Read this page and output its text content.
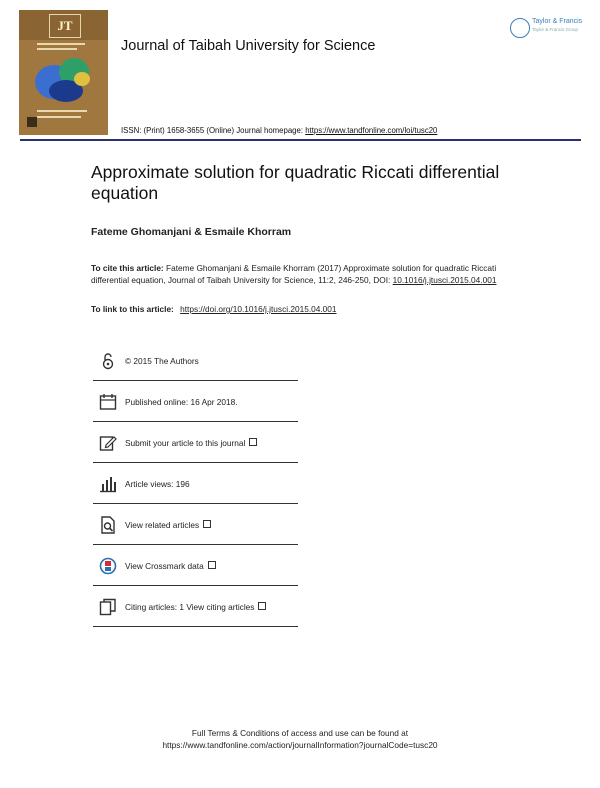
JT
Journal of Taibah University for Science
Taylor & Francis
Taylor & Francis Group
ISSN: (Print) 1658-3655 (Online) Journal homepage: https://www.tandfonline.com/loi/tusc20
Approximate solution for quadratic Riccati differential equation
Fateme Ghomanjani & Esmaile Khorram
To cite this article: Fateme Ghomanjani & Esmaile Khorram (2017) Approximate solution for quadratic Riccati differential equation, Journal of Taibah University for Science, 11:2, 246-250, DOI: 10.1016/j.jtusci.2015.04.001
To link to this article: https://doi.org/10.1016/j.jtusci.2015.04.001
© 2015 The Authors
Published online: 16 Apr 2018.
Submit your article to this journal
Article views: 196
View related articles
View Crossmark data
Citing articles: 1 View citing articles
Full Terms & Conditions of access and use can be found at
https://www.tandfonline.com/action/journalInformation?journalCode=tusc20
